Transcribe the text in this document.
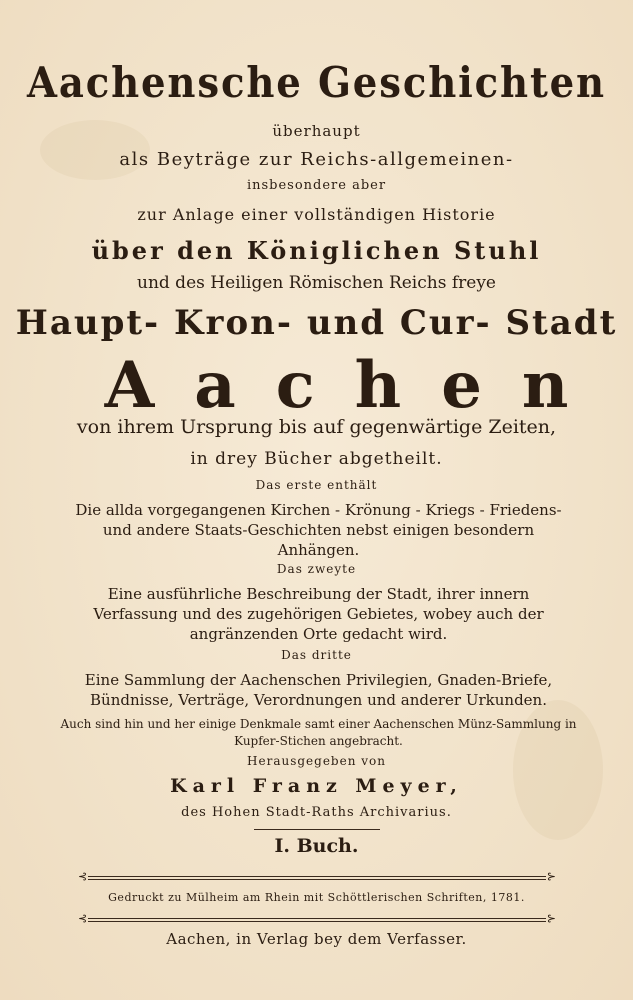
Aachensche Geschichten
überhaupt
als Beyträge zur Reichs-allgemeinen-
insbesondere aber
zur Anlage einer vollständigen Historie
über den Königlichen Stuhl
und des Heiligen Römischen Reichs freye
Haupt- Kron- und Cur- Stadt
Aachen
von ihrem Ursprung bis auf gegenwärtige Zeiten,
in drey Bücher abgetheilt.
Das erste enthält
Die allda vorgegangenen Kirchen - Krönung - Kriegs - Friedens- und andere Staats-Geschichten nebst einigen besondern Anhängen.
Das zweyte
Eine ausführliche Beschreibung der Stadt, ihrer innern Verfassung und des zugehörigen Gebietes, wobey auch der angränzenden Orte gedacht wird.
Das dritte
Eine Sammlung der Aachenschen Privilegien, Gnaden-Briefe, Bündnisse, Verträge, Verordnungen und anderer Urkunden.
Auch sind hin und her einige Denkmale samt einer Aachenschen Münz-Sammlung in Kupfer-Stichen angebracht.
Herausgegeben von
Karl Franz Meyer,
des Hohen Stadt-Raths Archivarius.
I. Buch.
⊰	⊱
Gedruckt zu Mülheim am Rhein mit Schöttlerischen Schriften, 1781.
⊰	⊱
Aachen, in Verlag bey dem Verfasser.
